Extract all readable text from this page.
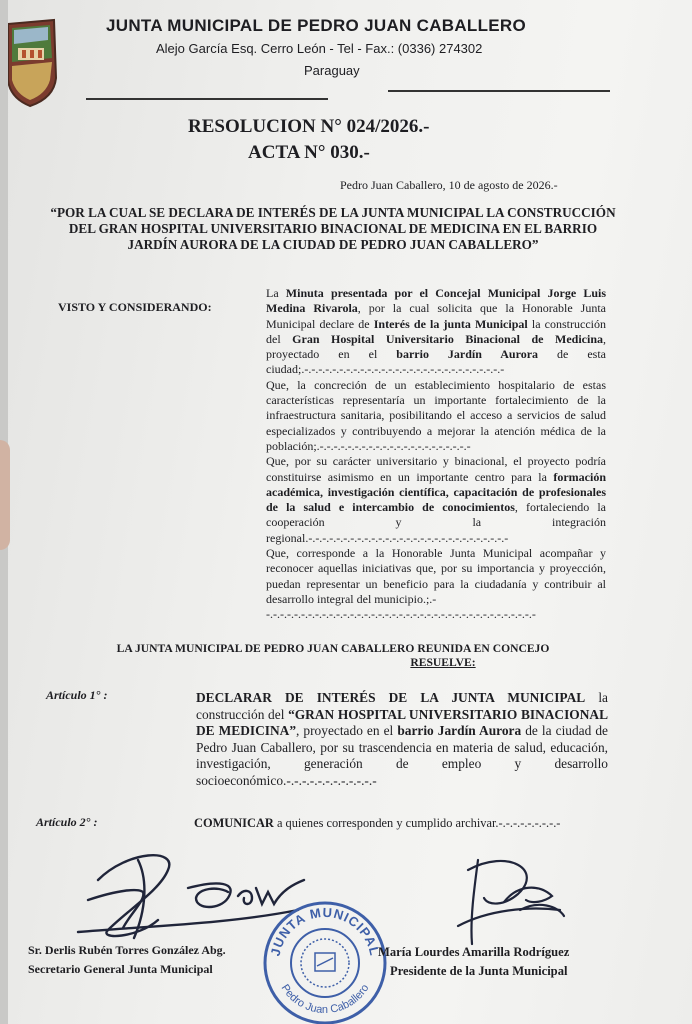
JUNTA MUNICIPAL DE PEDRO JUAN CABALLERO
Alejo García Esq. Cerro León - Tel - Fax.: (0336) 274302
Paraguay
RESOLUCION N° 024/2026.-
ACTA N° 030.-
Pedro Juan Caballero, 10 de agosto de 2026.-
“POR LA CUAL SE DECLARA DE INTERÉS DE LA JUNTA MUNICIPAL LA CONSTRUCCIÓN DEL GRAN HOSPITAL UNIVERSITARIO BINACIONAL DE MEDICINA EN EL BARRIO JARDÍN AURORA DE LA CIUDAD DE PEDRO JUAN CABALLERO”
VISTO Y CONSIDERANDO:

La Minuta presentada por el Concejal Municipal Jorge Luis Medina Rivarola, por la cual solicita que la Honorable Junta Municipal declare de Interés de la junta Municipal la construcción del Gran Hospital Universitario Binacional de Medicina, proyectado en el barrio Jardín Aurora de esta ciudad;.-.-.-.-.-.-.-.-.-.-.-.-.-.-.-.-.-.-.-.-.-.-.-.-.-.-.-.-.-

Que, la concreción de un establecimiento hospitalario de estas características representaría un importante fortalecimiento de la infraestructura sanitaria, posibilitando el acceso a servicios de salud especializados y contribuyendo a mejorar la atención médica de la población;.-.-.-.-.-.-.-.-.-.-.-.-.-.-.-.-.-.-.-.-.-.-

Que, por su carácter universitario y binacional, el proyecto podría constituirse asimismo en un importante centro para la formación académica, investigación científica, capacitación de profesionales de la salud e intercambio de conocimientos, fortaleciendo la cooperación y la integración regional.-.-.-.-.-.-.-.-.-.-.-.-.-.-.-.-.-.-.-.-.-.-.-.-.-.-.-.-.-

Que, corresponde a la Honorable Junta Municipal acompañar y reconocer aquellas iniciativas que, por su importancia y proyección, puedan representar un beneficio para la ciudadanía y contribuir al desarrollo integral del municipio.;.-

-.-.-.-.-.-.-.-.-.-.-.-.-.-.-.-.-.-.-.-.-.-.-.-.-.-.-.-.-.-.-.-.-.-.-.-.-.-.-

LA JUNTA MUNICIPAL DE PEDRO JUAN CABALLERO REUNIDA EN CONCEJO
RESUELVE:
Artículo 1° :	DECLARAR DE INTERÉS DE LA JUNTA MUNICIPAL la construcción del “GRAN HOSPITAL UNIVERSITARIO BINACIONAL DE MEDICINA”, proyectado en el barrio Jardín Aurora de la ciudad de Pedro Juan Caballero, por su trascendencia en materia de salud, educación, investigación, generación de empleo y desarrollo socioeconómico.-.-.-.-.-.-.-.-.-.-.-.-
Artículo 2° :	COMUNICAR a quienes corresponden y cumplido archivar.-.-.-.-.-.-.-.-.-
JUNTA MUNICIPAL
Pedro Juan Caballero
Sr. Derlis Rubén Torres González Abg.
Secretario General Junta Municipal
María Lourdes Amarilla Rodríguez
Presidente de la Junta Municipal
